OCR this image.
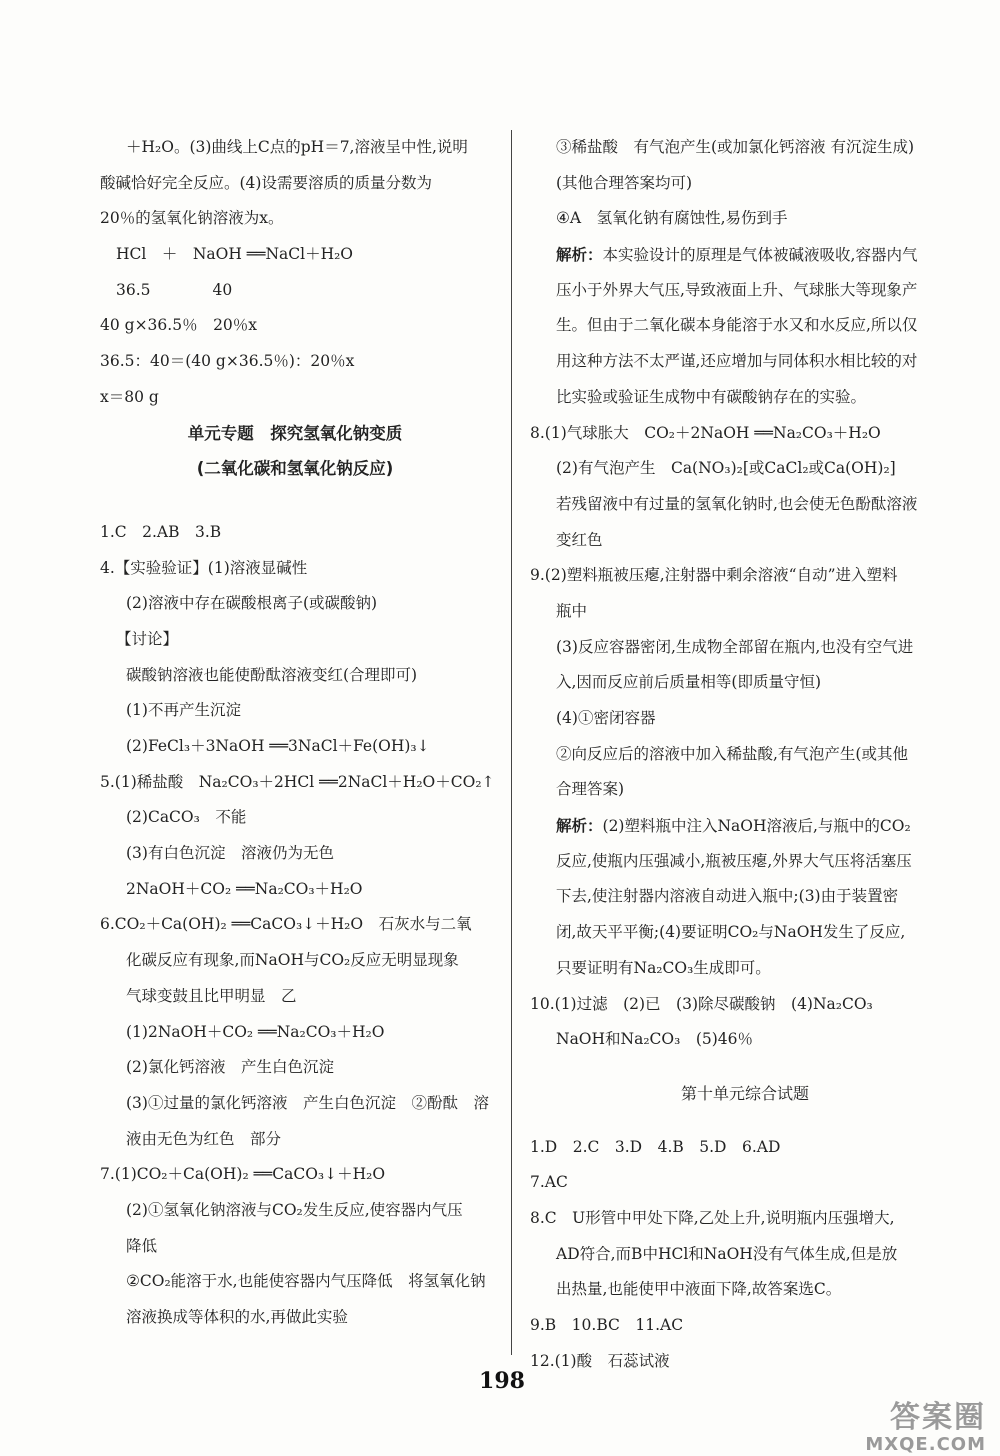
＋H₂O。(3)曲线上C点的pH＝7,溶液呈中性,说明

酸碱恰好完全反应。(4)设需要溶质的质量分数为

20％的氢氧化钠溶液为x。

HCl　＋　NaOH ══NaCl＋H₂O

36.5　　　　40

40 g×36.5％　20％x

36.5：40＝(40 g×36.5％)：20％x

x＝80 g

单元专题　探究氢氧化钠变质

(二氧化碳和氢氧化钠反应)

1.C　2.AB　3.B

4.【实验验证】(1)溶液显碱性

(2)溶液中存在碳酸根离子(或碳酸钠)

【讨论】

碳酸钠溶液也能使酚酞溶液变红(合理即可)

(1)不再产生沉淀

(2)FeCl₃＋3NaOH ══3NaCl＋Fe(OH)₃↓

5.(1)稀盐酸　Na₂CO₃＋2HCl ══2NaCl＋H₂O＋CO₂↑

(2)CaCO₃　不能

(3)有白色沉淀　溶液仍为无色

2NaOH＋CO₂ ══Na₂CO₃＋H₂O

6.CO₂＋Ca(OH)₂ ══CaCO₃↓＋H₂O　石灰水与二氧

化碳反应有现象,而NaOH与CO₂反应无明显现象

气球变鼓且比甲明显　乙

(1)2NaOH＋CO₂ ══Na₂CO₃＋H₂O

(2)氯化钙溶液　产生白色沉淀

(3)①过量的氯化钙溶液　产生白色沉淀　②酚酞　溶

液由无色为红色　部分

7.(1)CO₂＋Ca(OH)₂ ══CaCO₃↓＋H₂O

(2)①氢氧化钠溶液与CO₂发生反应,使容器内气压

降低

②CO₂能溶于水,也能使容器内气压降低　将氢氧化钠

溶液换成等体积的水,再做此实验

③稀盐酸　有气泡产生(或加氯化钙溶液 有沉淀生成)

(其他合理答案均可)

④A　氢氧化钠有腐蚀性,易伤到手

解析：本实验设计的原理是气体被碱液吸收,容器内气

压小于外界大气压,导致液面上升、气球胀大等现象产

生。但由于二氧化碳本身能溶于水又和水反应,所以仅

用这种方法不太严谨,还应增加与同体积水相比较的对

比实验或验证生成物中有碳酸钠存在的实验。

8.(1)气球胀大　CO₂＋2NaOH ══Na₂CO₃＋H₂O

(2)有气泡产生　Ca(NO₃)₂[或CaCl₂或Ca(OH)₂]

若残留液中有过量的氢氧化钠时,也会使无色酚酞溶液

变红色

9.(2)塑料瓶被压瘪,注射器中剩余溶液“自动”进入塑料

瓶中

(3)反应容器密闭,生成物全部留在瓶内,也没有空气进

入,因而反应前后质量相等(即质量守恒)

(4)①密闭容器

②向反应后的溶液中加入稀盐酸,有气泡产生(或其他

合理答案)

解析：(2)塑料瓶中注入NaOH溶液后,与瓶中的CO₂

反应,使瓶内压强减小,瓶被压瘪,外界大气压将活塞压

下去,使注射器内溶液自动进入瓶中;(3)由于装置密

闭,故天平平衡;(4)要证明CO₂与NaOH发生了反应,

只要证明有Na₂CO₃生成即可。

10.(1)过滤　(2)已　(3)除尽碳酸钠　(4)Na₂CO₃

NaOH和Na₂CO₃　(5)46％

第十单元综合试题

1.D　2.C　3.D　4.B　5.D　6.AD

7.AC

8.C　U形管中甲处下降,乙处上升,说明瓶内压强增大,

AD符合,而B中HCl和NaOH没有气体生成,但是放

出热量,也能使甲中液面下降,故答案选C。

9.B　10.BC　11.AC

12.(1)酸　石蕊试液

198
答案圈
MXQE.COM
